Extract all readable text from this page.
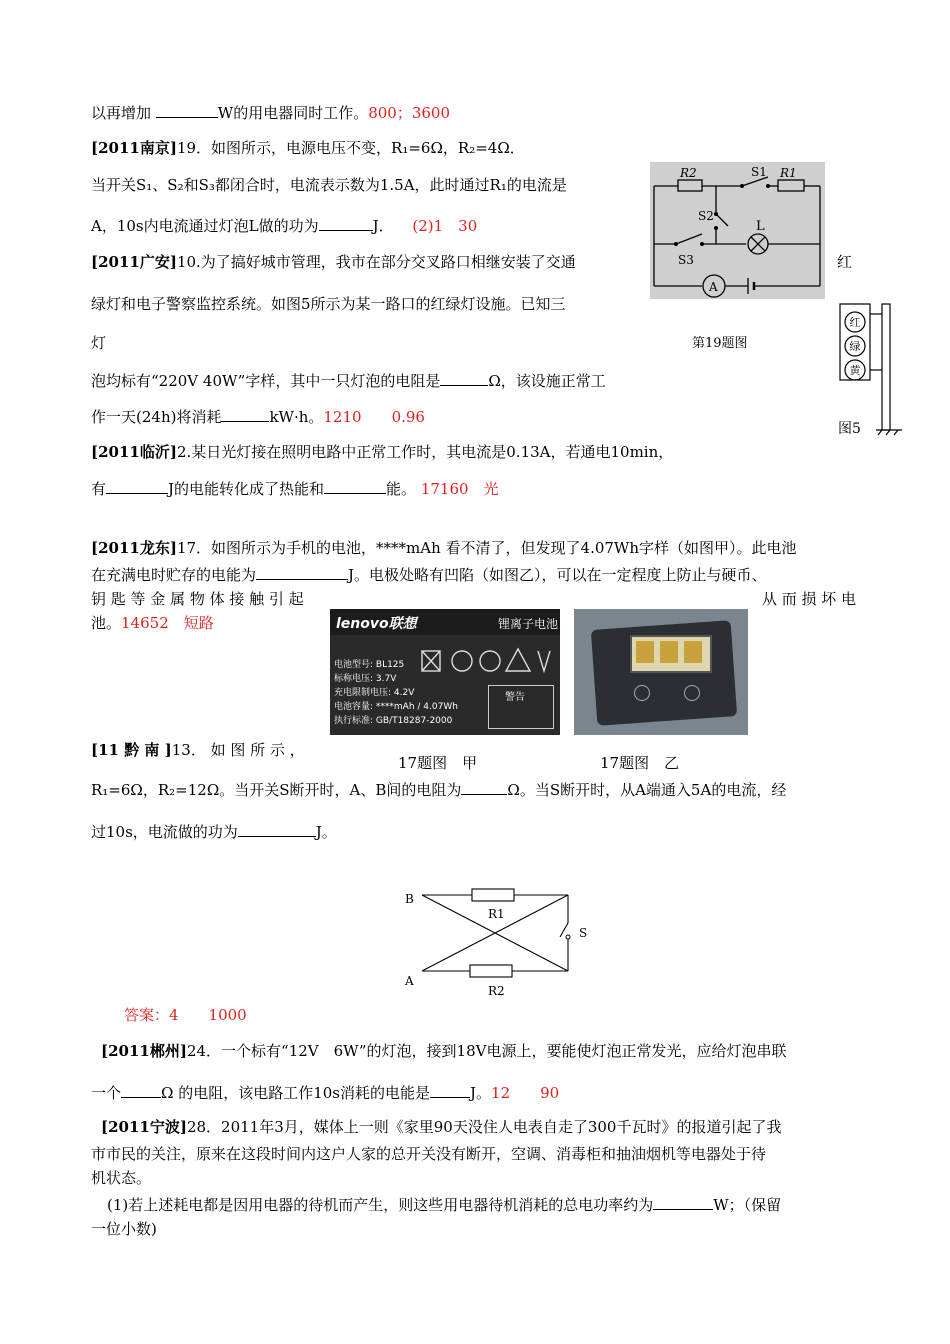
以再增加	W的用电器同时工作。800；3600
[2011南京]19．如图所示，电源电压不变，R₁=6Ω，R₂=4Ω．
当开关S₁、S₂和S₃都闭合时，电流表示数为1.5A，此时通过R₁的电流是
A，10s内电流通过灯泡L做的功为	J． (2)1　30
[2011广安]10.为了搞好城市管理，我市在部分交叉路口相继安装了交通	红
绿灯和电子警察监控系统。如图5所示为某一路口的红绿灯设施。已知三
灯
泡均标有“220V 40W”字样，其中一只灯泡的电阻是	Ω，该设施正常工
作一天(24h)将消耗	kW·h。1210　　0.96
R2	S1 R1
S2
L
S3
A
第19题图
红
绿
黄
图5
[2011临沂]2.某日光灯接在照明电路中正常工作时，其电流是0.13A，若通电10min，
有	J的电能转化成了热能和	能。 17160　光
[2011龙东]17．如图所示为手机的电池，****mAh 看不清了，但发现了4.07Wh字样（如图甲）。此电池
在充满电时贮存的电能为	J。电极处略有凹陷（如图乙），可以在一定程度上防止与硬币、
钥 匙 等 金 属 物 体 接 触 引 起	从 而 损 坏 电
池。14652　短路	lenovo联想	锂离子电池
电池型号: BL125
标称电压: 3.7V
充电限制电压: 4.2V
电池容量: ****mAh / 4.07Wh
执行标准: GB/T18287-2000
警告
17题图　甲	17题图　乙
[11 黔 南 ]13． 如 图 所 示 ，
R₁=6Ω，R₂=12Ω。当开关S断开时，A、B间的电阻为	Ω。当S断开时，从A端通入5A的电流，经
过10s，电流做的功为	J。
B
A
R1
R2
S
答案：4　　1000
[2011郴州]24．一个标有“12V　6W”的灯泡，接到18V电源上，要能使灯泡正常发光，应给灯泡串联
一个	Ω 的电阻，该电路工作10s消耗的电能是	J。12　　90
[2011宁波]28．2011年3月，媒体上一则《家里90天没住人电表自走了300千瓦时》的报道引起了我
市市民的关注，原来在这段时间内这户人家的总开关没有断开，空调、消毒柜和抽油烟机等电器处于待
机状态。
(1)若上述耗电都是因用电器的待机而产生，则这些用电器待机消耗的总电功率约为	W；（保留
一位小数)
